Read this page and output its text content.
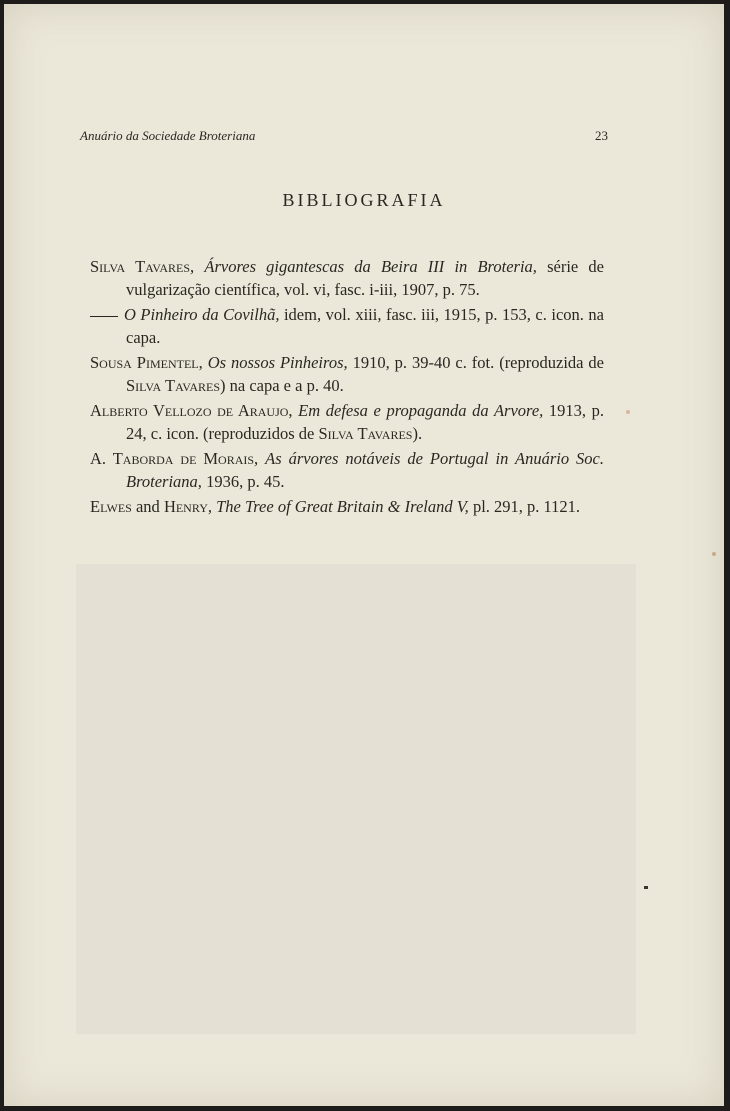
Anuário da Sociedade Broteriana	23
BIBLIOGRAFIA

Silva Tavares, Árvores gigantescas da Beira III in Broteria, série de vulgarização científica, vol. vi, fasc. i-iii, 1907, p. 75.

O Pinheiro da Covilhã, idem, vol. xiii, fasc. iii, 1915, p. 153, c. icon. na capa.

Sousa Pimentel, Os nossos Pinheiros, 1910, p. 39-40 c. fot. (reproduzida de Silva Tavares) na capa e a p. 40.

Alberto Vellozo de Araujo, Em defesa e propaganda da Arvore, 1913, p. 24, c. icon. (reproduzidos de Silva Tavares).

A. Taborda de Morais, As árvores notáveis de Portugal in Anuário Soc. Broteriana, 1936, p. 45.

Elwes and Henry, The Tree of Great Britain & Ireland V, pl. 291, p. 1121.
